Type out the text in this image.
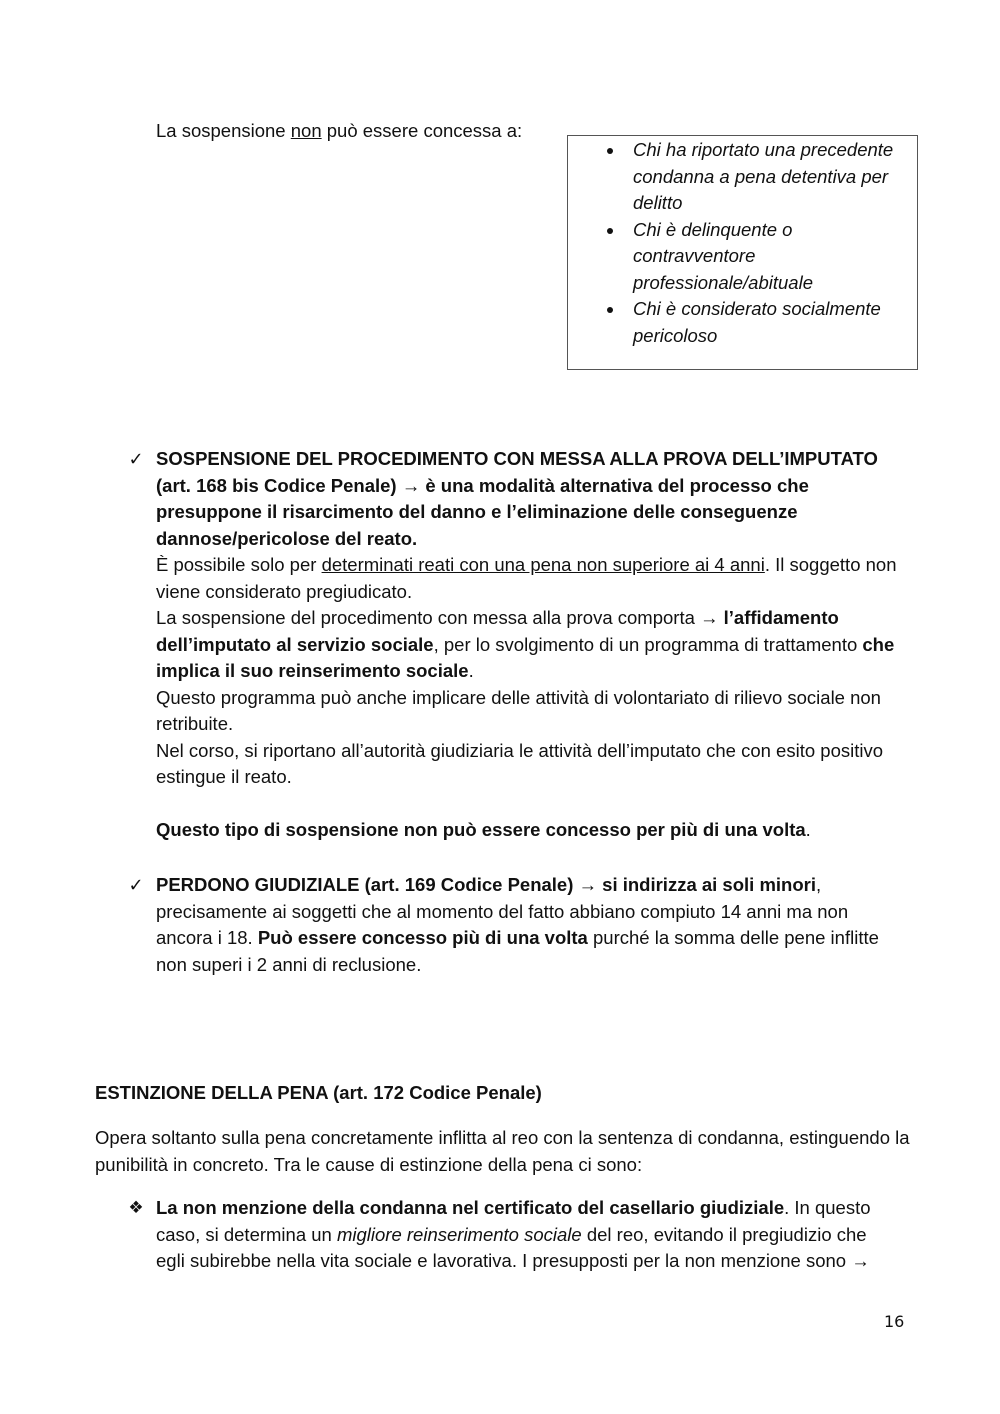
La sospensione non può essere concessa a:
Chi ha riportato una precedente condanna a pena detentiva per delitto
Chi è delinquente o contravventore professionale/abituale
Chi è considerato socialmente pericoloso
✓ SOSPENSIONE DEL PROCEDIMENTO CON MESSA ALLA PROVA DELL’IMPUTATO (art. 168 bis Codice Penale) → è una modalità alternativa del processo che presuppone il risarcimento del danno e l’eliminazione delle conseguenze dannose/pericolose del reato.
È possibile solo per determinati reati con una pena non superiore ai 4 anni. Il soggetto non viene considerato pregiudicato.
La sospensione del procedimento con messa alla prova comporta → l’affidamento dell’imputato al servizio sociale, per lo svolgimento di un programma di trattamento che implica il suo reinserimento sociale.
Questo programma può anche implicare delle attività di volontariato di rilievo sociale non retribuite.
Nel corso, si riportano all’autorità giudiziaria le attività dell’imputato che con esito positivo estingue il reato.
Questo tipo di sospensione non può essere concesso per più di una volta.
✓ PERDONO GIUDIZIALE (art. 169 Codice Penale) → si indirizza ai soli minori, precisamente ai soggetti che al momento del fatto abbiano compiuto 14 anni ma non ancora i 18. Può essere concesso più di una volta purché la somma delle pene inflitte non superi i 2 anni di reclusione.
ESTINZIONE DELLA PENA (art. 172 Codice Penale)
Opera soltanto sulla pena concretamente inflitta al reo con la sentenza di condanna, estinguendo la punibilità in concreto. Tra le cause di estinzione della pena ci sono:
❖ La non menzione della condanna nel certificato del casellario giudiziale. In questo caso, si determina un migliore reinserimento sociale del reo, evitando il pregiudizio che egli subirebbe nella vita sociale e lavorativa. I presupposti per la non menzione sono →
16
